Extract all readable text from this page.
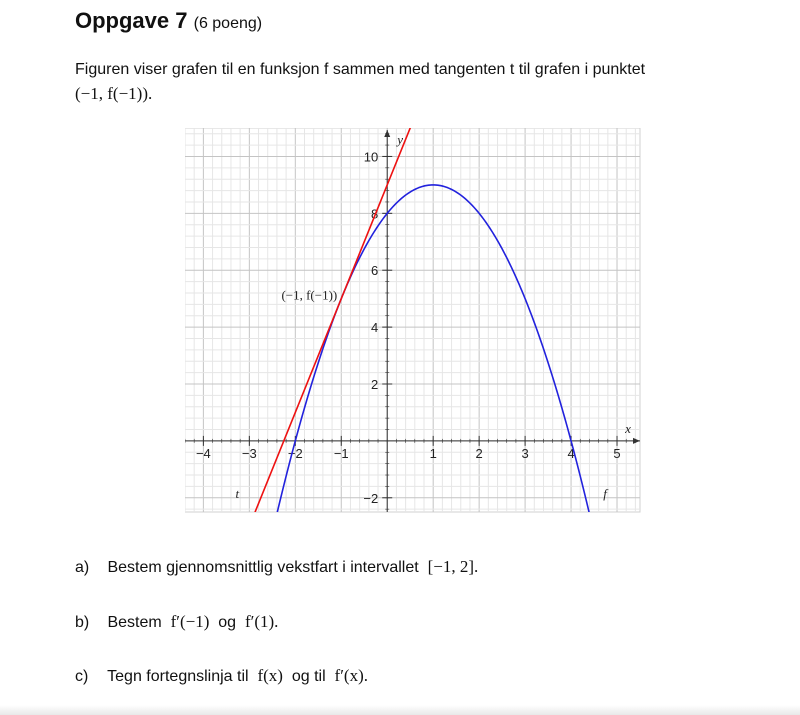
Oppgave 7 (6 poeng)
Figuren viser grafen til en funksjon f sammen med tangenten t til grafen i punktet
(−1, f(−1)).
−4 −3 −2 −1	1	2	3	4	5
−2
2
4
6
8
10
x
y
t	f
(−1, f(−1))
a) Bestem gjennomsnittlig vekstfart i intervallet [−1, 2].
b) Bestem f′(−1) og f′(1).
c) Tegn fortegnslinja til f(x) og til f′(x).
